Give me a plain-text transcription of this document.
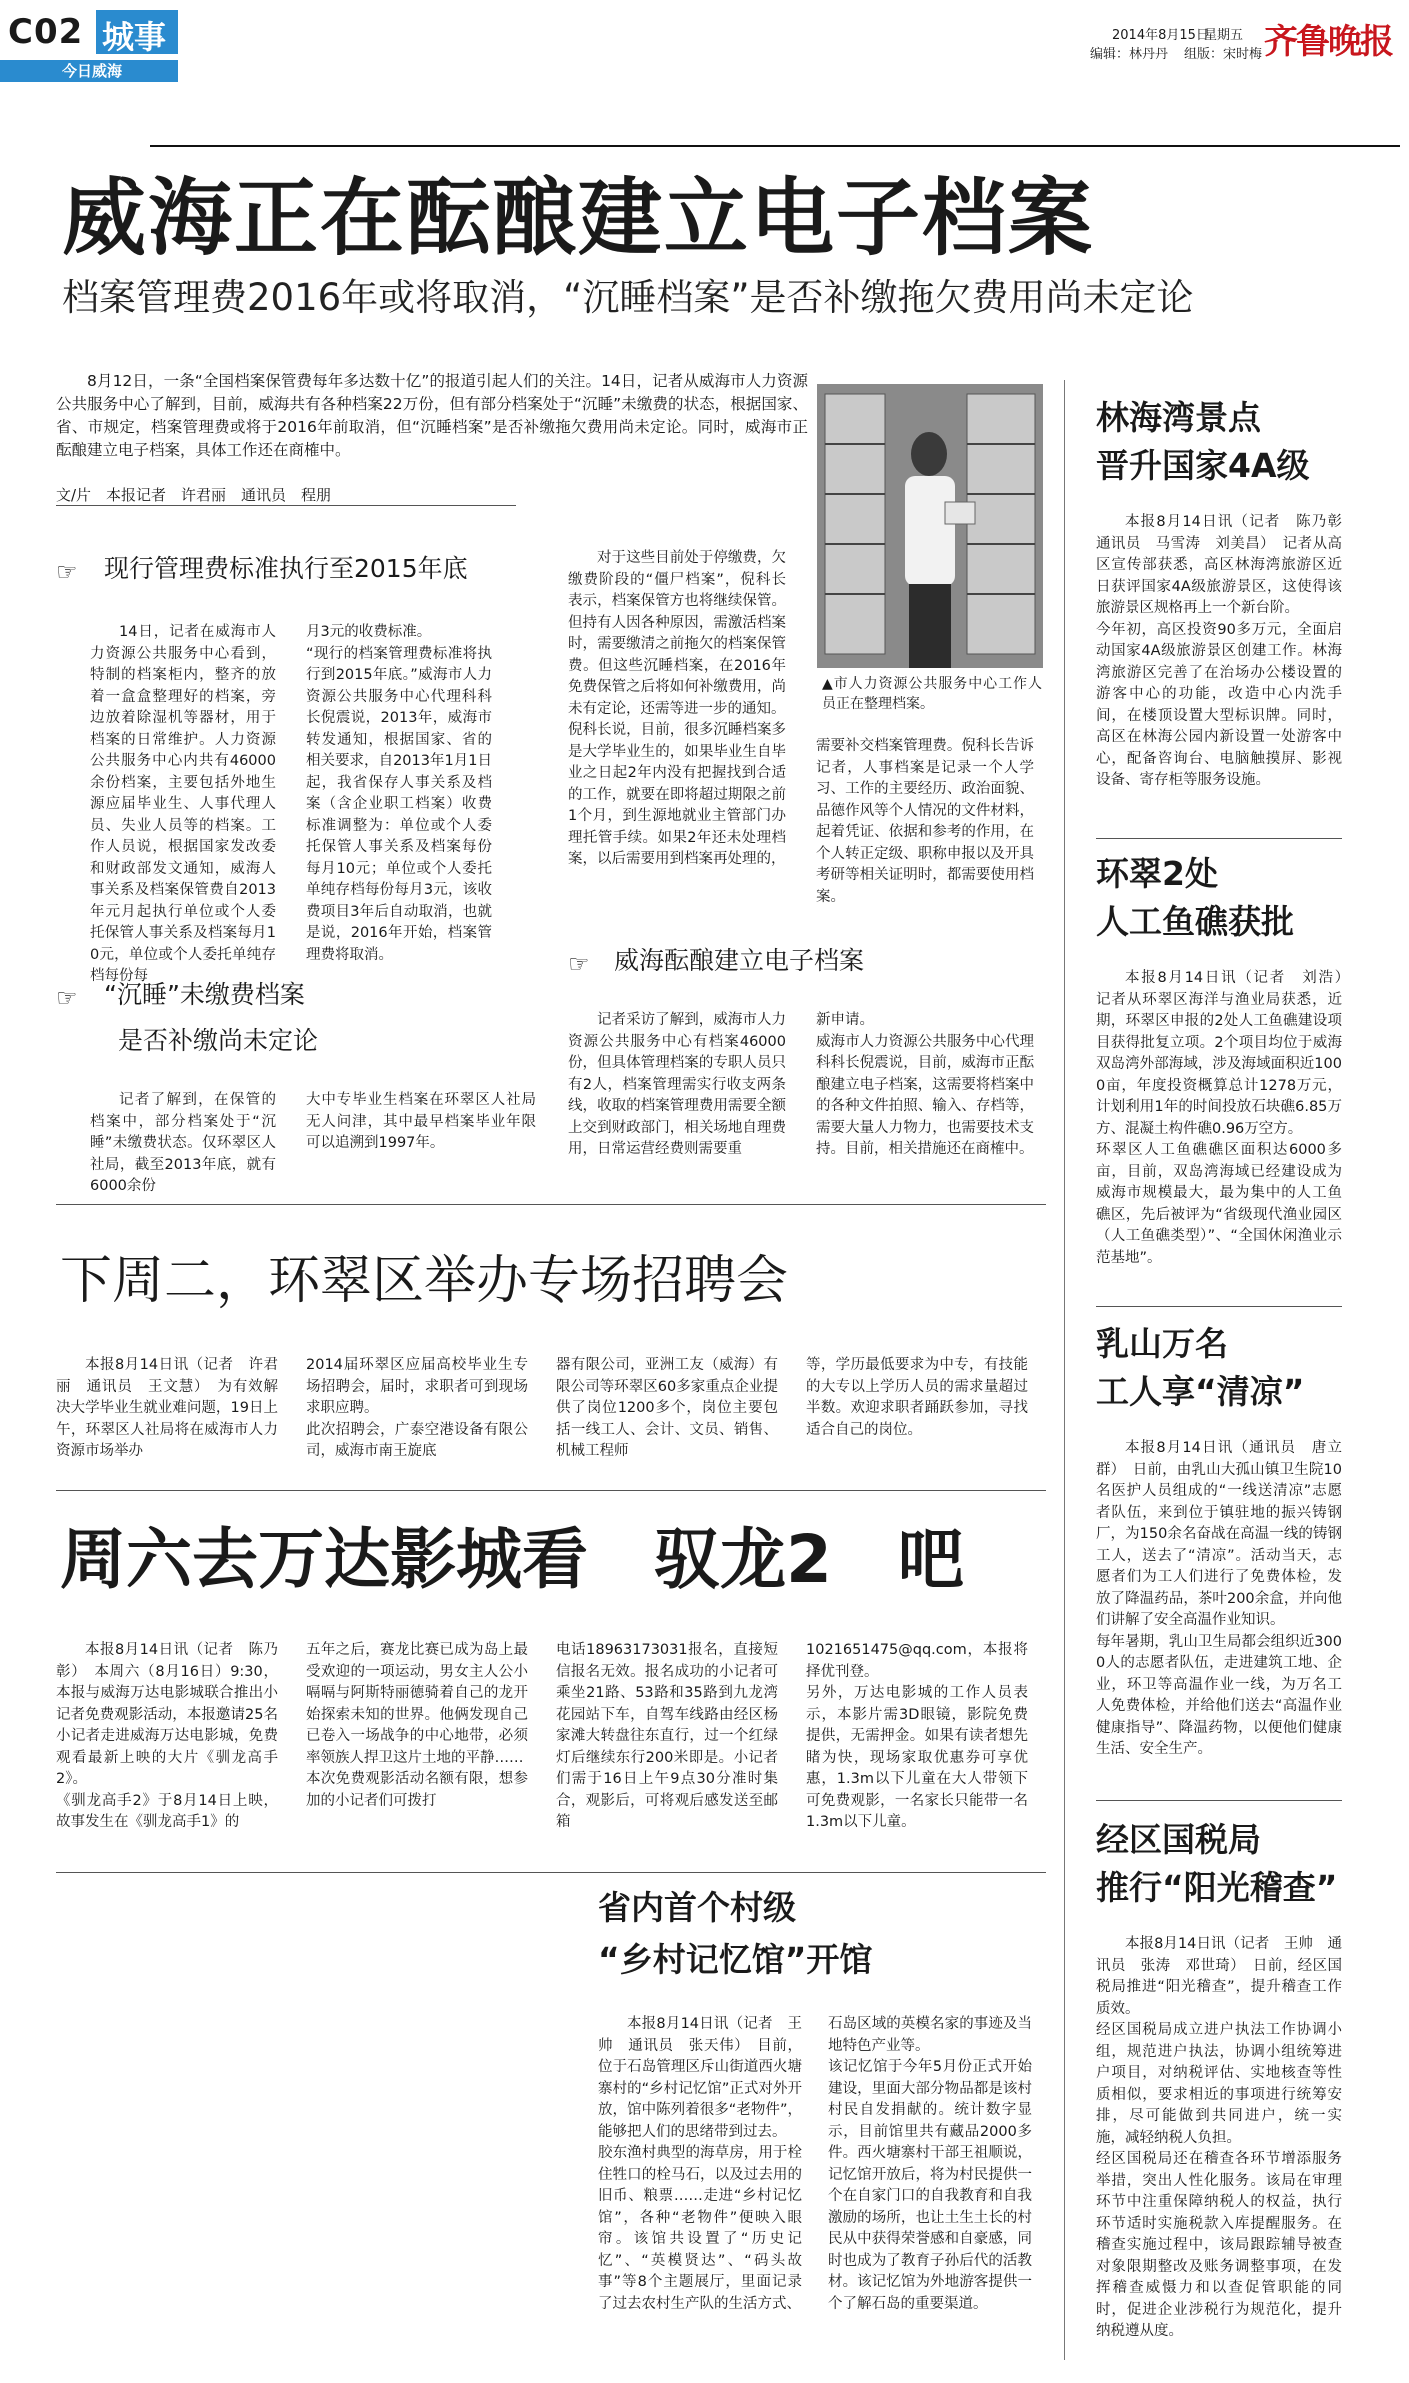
C02 城事
今日威海
2014年8月15日
星期五
编辑：林丹丹 组版：宋时梅 齐鲁晚报
威海正在酝酿建立电子档案
档案管理费2016年或将取消，“沉睡档案”是否补缴拖欠费用尚未定论

8月12日，一条“全国档案保管费每年多达数十亿”的报道引起人们的关注。14日，记者从威海市人力资源公共服务中心了解到，目前，威海共有各种档案22万份，但有部分档案处于“沉睡”未缴费的状态，根据国家、省、市规定，档案管理费或将于2016年前取消，但“沉睡档案”是否补缴拖欠费用尚未定论。同时，威海市正酝酿建立电子档案，具体工作还在商榷中。

文/片　本报记者　许君丽　通讯员　程朋

▲市人力资源公共服务中心工作人员正在整理档案。

☞ 现行管理费标准执行至2015年底

14日，记者在威海市人力资源公共服务中心看到，特制的档案柜内，整齐的放着一盒盒整理好的档案，旁边放着除湿机等器材，用于档案的日常维护。人力资源公共服务中心内共有46000余份档案，主要包括外地生源应届毕业生、人事代理人员、失业人员等的档案。工作人员说，根据国家发改委和财政部发文通知，威海人事关系及档案保管费自2013年元月起执行单位或个人委托保管人事关系及档案每月10元，单位或个人委托单纯存档每份每

月3元的收费标准。
“现行的档案管理费标准将执行到2015年底。”威海市人力资源公共服务中心代理科科长倪震说，2013年，威海市转发通知，根据国家、省的相关要求，自2013年1月1日起，我省保存人事关系及档案（含企业职工档案）收费标准调整为：单位或个人委托保管人事关系及档案每份每月10元；单位或个人委托单纯存档每份每月3元，该收费项目3年后自动取消，也就是说，2016年开始，档案管理费将取消。

☞ “沉睡”未缴费档案
是否补缴尚未定论

记者了解到，在保管的档案中，部分档案处于“沉睡”未缴费状态。仅环翠区人社局，截至2013年底，就有6000余份

大中专毕业生档案在环翠区人社局无人问津，其中最早档案毕业年限可以追溯到1997年。

对于这些目前处于停缴费，欠缴费阶段的“僵尸档案”，倪科长表示，档案保管方也将继续保管。但持有人因各种原因，需激活档案时，需要缴清之前拖欠的档案保管费。但这些沉睡档案，在2016年免费保管之后将如何补缴费用，尚未有定论，还需等进一步的通知。
倪科长说，目前，很多沉睡档案多是大学毕业生的，如果毕业生自毕业之日起2年内没有把握找到合适的工作，就要在即将超过期限之前1个月，到生源地就业主管部门办理托管手续。如果2年还未处理档案，以后需要用到档案再处理的，

需要补交档案管理费。倪科长告诉记者，人事档案是记录一个人学习、工作的主要经历、政治面貌、品德作风等个人情况的文件材料，起着凭证、依据和参考的作用，在个人转正定级、职称申报以及开具考研等相关证明时，都需要使用档案。

☞ 威海酝酿建立电子档案

记者采访了解到，威海市人力资源公共服务中心有档案46000份，但具体管理档案的专职人员只有2人，档案管理需实行收支两条线，收取的档案管理费用需要全额上交到财政部门，相关场地自理费用，日常运营经费则需要重

新申请。
威海市人力资源公共服务中心代理科科长倪震说，目前，威海市正酝酿建立电子档案，这需要将档案中的各种文件拍照、输入、存档等，需要大量人力物力，也需要技术支持。目前，相关措施还在商榷中。

下周二，环翠区举办专场招聘会

本报8月14日讯（记者　许君丽　通讯员　王文慧）　为有效解决大学毕业生就业难问题，19日上午，环翠区人社局将在威海市人力资源市场举办

2014届环翠区应届高校毕业生专场招聘会，届时，求职者可到现场求职应聘。
此次招聘会，广泰空港设备有限公司，威海市南王旋底

器有限公司，亚洲工友（威海）有限公司等环翠区60多家重点企业提供了岗位1200多个，岗位主要包括一线工人、会计、文员、销售、机械工程师

等，学历最低要求为中专，有技能的大专以上学历人员的需求量超过半数。欢迎求职者踊跃参加，寻找适合自己的岗位。

周六去万达影城看　驭龙2　吧

本报8月14日讯（记者　陈乃彰）　本周六（8月16日）9:30，本报与威海万达电影城联合推出小记者免费观影活动，本报邀请25名小记者走进威海万达电影城，免费观看最新上映的大片《驯龙高手2》。
《驯龙高手2》于8月14日上映，故事发生在《驯龙高手1》的

五年之后，赛龙比赛已成为岛上最受欢迎的一项运动，男女主人公小嗝嗝与阿斯特丽德骑着自己的龙开始探索未知的世界。他俩发现自己已卷入一场战争的中心地带，必须率领族人捍卫这片土地的平静……
本次免费观影活动名额有限，想参加的小记者们可拨打

电话18963173031报名，直接短信报名无效。报名成功的小记者可乘坐21路、53路和35路到九龙湾花园站下车，自驾车线路由经区杨家滩大转盘往东直行，过一个红绿灯后继续东行200米即是。小记者们需于16日上午9点30分准时集合，观影后，可将观后感发送至邮箱

1021651475@qq.com，本报将择优刊登。
另外，万达电影城的工作人员表示，本影片需3D眼镜，影院免费提供，无需押金。如果有读者想先睹为快，现场家取优惠券可享优惠，1.3m以下儿童在大人带领下可免费观影，一名家长只能带一名1.3m以下儿童。

省内首个村级
“乡村记忆馆”开馆

本报8月14日讯（记者　王帅　通讯员　张天伟）　目前，位于石岛管理区斥山街道西火塘寨村的“乡村记忆馆”正式对外开放，馆中陈列着很多“老物件”，能够把人们的思绪带到过去。
胶东渔村典型的海草房，用于栓住牲口的栓马石，以及过去用的旧币、粮票……走进“乡村记忆馆”，各种“老物件”便映入眼帘。该馆共设置了“历史记忆”、“英模贤达”、“码头故事”等8个主题展厅，里面记录了过去农村生产队的生活方式、

石岛区域的英模名家的事迹及当地特色产业等。
该记忆馆于今年5月份正式开始建设，里面大部分物品都是该村村民自发捐献的。统计数字显示，目前馆里共有藏品2000多件。西火塘寨村干部王祖顺说，记忆馆开放后，将为村民提供一个在自家门口的自我教育和自我激励的场所，也让土生土长的村民从中获得荣誉感和自豪感，同时也成为了教育子孙后代的活教材。该记忆馆为外地游客提供一个了解石岛的重要渠道。

林海湾景点
晋升国家4A级

本报8月14日讯（记者　陈乃彰　通讯员　马雪涛　刘美昌）　记者从高区宣传部获悉，高区林海湾旅游区近日获评国家4A级旅游景区，这使得该旅游景区规格再上一个新台阶。
今年初，高区投资90多万元，全面启动国家4A级旅游景区创建工作。林海湾旅游区完善了在治场办公楼设置的游客中心的功能，改造中心内洗手间，在楼顶设置大型标识牌。同时，高区在林海公园内新设置一处游客中心，配备咨询台、电脑触摸屏、影视设备、寄存柜等服务设施。

环翠2处
人工鱼礁获批

本报8月14日讯（记者　刘浩）　记者从环翠区海洋与渔业局获悉，近期，环翠区申报的2处人工鱼礁建设项目获得批复立项。2个项目均位于威海双岛湾外部海域，涉及海域面积近1000亩，年度投资概算总计1278万元，计划利用1年的时间投放石块礁6.85万方、混凝土构件礁0.96万空方。
环翠区人工鱼礁礁区面积达6000多亩，目前，双岛湾海域已经建设成为威海市规模最大，最为集中的人工鱼礁区，先后被评为“省级现代渔业园区（人工鱼礁类型）”、“全国休闲渔业示范基地”。

乳山万名
工人享“清凉”

本报8月14日讯（通讯员　唐立群）　日前，由乳山大孤山镇卫生院10名医护人员组成的“一线送清凉”志愿者队伍，来到位于镇驻地的振兴铸钢厂，为150余名奋战在高温一线的铸钢工人，送去了“清凉”。活动当天，志愿者们为工人们进行了免费体检，发放了降温药品，茶叶200余盒，并向他们讲解了安全高温作业知识。
每年暑期，乳山卫生局都会组织近3000人的志愿者队伍，走进建筑工地、企业，环卫等高温作业一线，为万名工人免费体检，并给他们送去“高温作业健康指导”、降温药物，以便他们健康生活、安全生产。

经区国税局
推行“阳光稽查”

本报8月14日讯（记者　王帅　通讯员　张涛　邓世琦）　日前，经区国税局推进“阳光稽查”，提升稽查工作质效。
经区国税局成立进户执法工作协调小组，规范进户执法，协调小组统筹进户项目，对纳税评估、实地核查等性质相似，要求相近的事项进行统筹安排，尽可能做到共同进户，统一实施，减轻纳税人负担。
经区国税局还在稽查各环节增添服务举措，突出人性化服务。该局在审理环节中注重保障纳税人的权益，执行环节适时实施税款入库提醒服务。在稽查实施过程中，该局跟踪辅导被查对象限期整改及账务调整事项，在发挥稽查威慑力和以查促管职能的同时，促进企业涉税行为规范化，提升纳税遵从度。
